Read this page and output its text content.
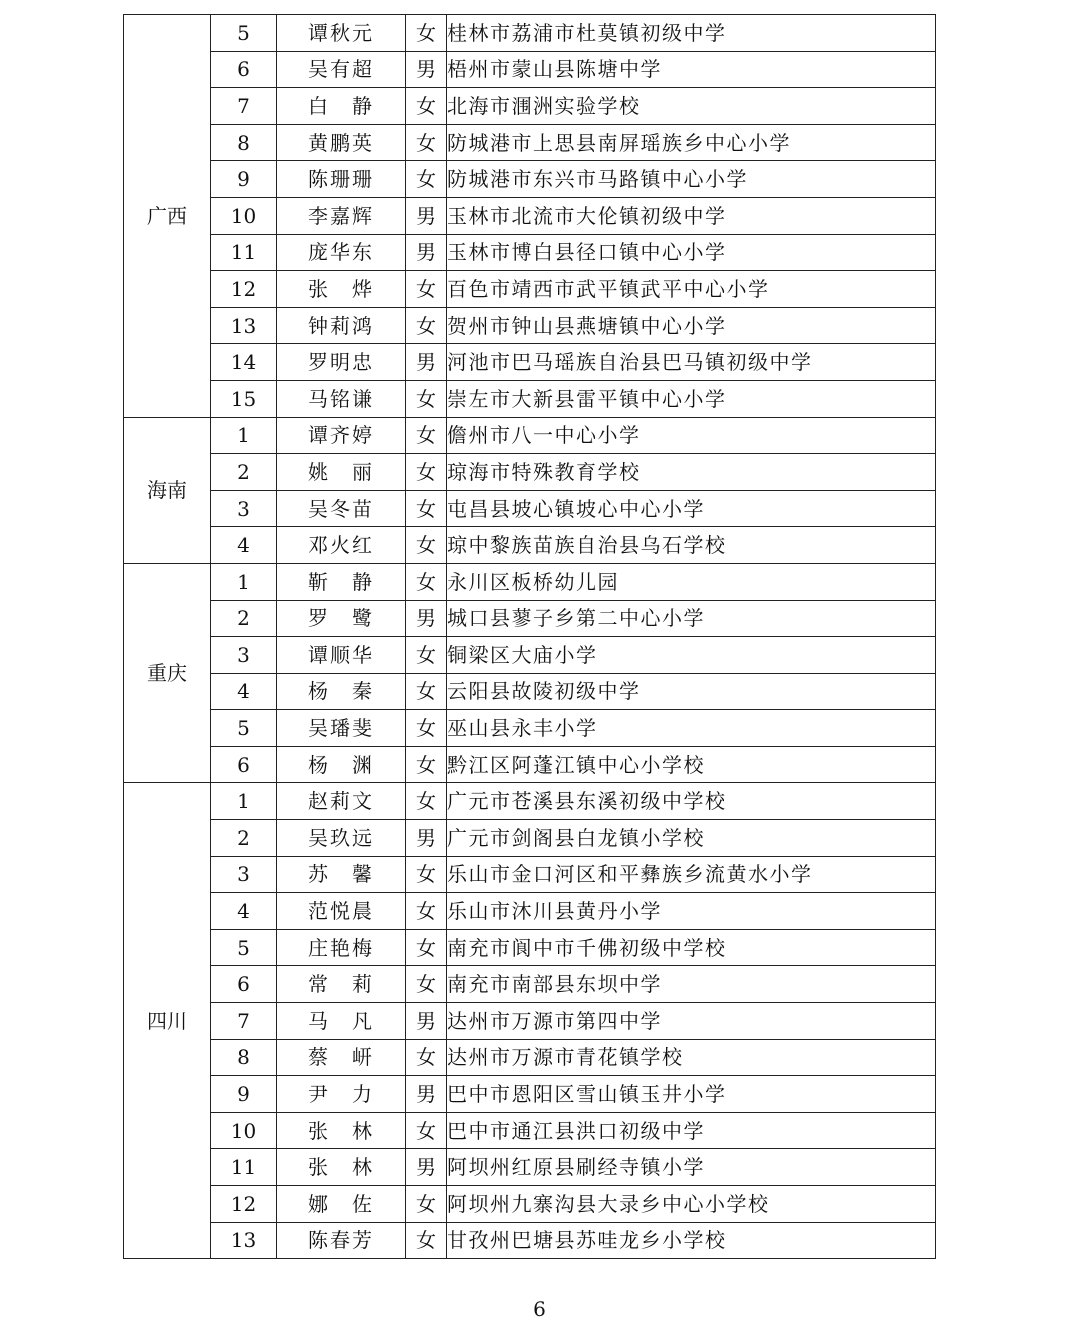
广西	5	谭秋元	女	桂林市荔浦市杜莫镇初级中学
	6	吴有超	男	梧州市蒙山县陈塘中学
	7	白　静	女	北海市涠洲实验学校
	8	黄鹏英	女	防城港市上思县南屏瑶族乡中心小学
	9	陈珊珊	女	防城港市东兴市马路镇中心小学
	10	李嘉辉	男	玉林市北流市大伦镇初级中学
	11	庞华东	男	玉林市博白县径口镇中心小学
	12	张　烨	女	百色市靖西市武平镇武平中心小学
	13	钟莉鸿	女	贺州市钟山县燕塘镇中心小学
	14	罗明忠	男	河池市巴马瑶族自治县巴马镇初级中学
	15	马铭谦	女	崇左市大新县雷平镇中心小学
海南	1	谭齐婷	女	儋州市八一中心小学
	2	姚　丽	女	琼海市特殊教育学校
	3	吴冬苗	女	屯昌县坡心镇坡心中心小学
	4	邓火红	女	琼中黎族苗族自治县乌石学校
重庆	1	靳　静	女	永川区板桥幼儿园
	2	罗　鹭	男	城口县蓼子乡第二中心小学
	3	谭顺华	女	铜梁区大庙小学
	4	杨　秦	女	云阳县故陵初级中学
	5	吴璠斐	女	巫山县永丰小学
	6	杨　渊	女	黔江区阿蓬江镇中心小学校
四川	1	赵莉文	女	广元市苍溪县东溪初级中学校
	2	吴玖远	男	广元市剑阁县白龙镇小学校
	3	苏　馨	女	乐山市金口河区和平彝族乡流黄水小学
	4	范悦晨	女	乐山市沐川县黄丹小学
	5	庄艳梅	女	南充市阆中市千佛初级中学校
	6	常　莉	女	南充市南部县东坝中学
	7	马　凡	男	达州市万源市第四中学
	8	蔡　岍	女	达州市万源市青花镇学校
	9	尹　力	男	巴中市恩阳区雪山镇玉井小学
	10	张　林	女	巴中市通江县洪口初级中学
	11	张　林	男	阿坝州红原县刷经寺镇小学
	12	娜　佐	女	阿坝州九寨沟县大录乡中心小学校
	13	陈春芳	女	甘孜州巴塘县苏哇龙乡小学校
6
